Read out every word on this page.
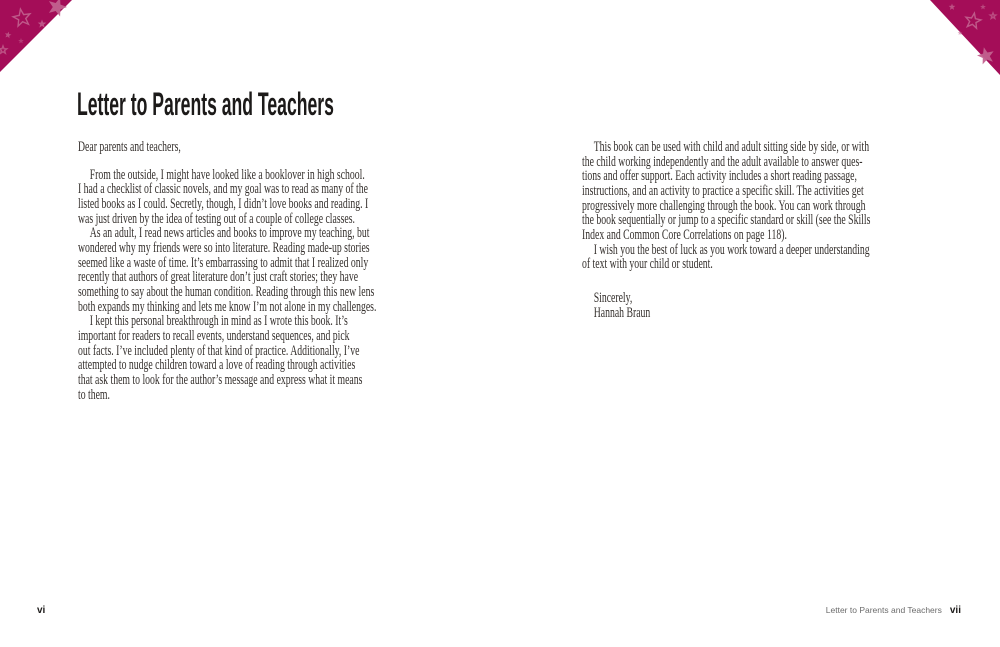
Letter to Parents and Teachers
Dear parents and teachers,
From the outside, I might have looked like a booklover in high school.
I had a checklist of classic novels, and my goal was to read as many of the
listed books as I could. Secretly, though, I didn’t love books and reading. I
was just driven by the idea of testing out of a couple of college classes.
As an adult, I read news articles and books to improve my teaching, but
wondered why my friends were so into literature. Reading made-up stories
seemed like a waste of time. It’s embarrassing to admit that I realized only
recently that authors of great literature don’t just craft stories; they have
something to say about the human condition. Reading through this new lens
both expands my thinking and lets me know I’m not alone in my challenges.
I kept this personal breakthrough in mind as I wrote this book. It’s
important for readers to recall events, understand sequences, and pick
out facts. I’ve included plenty of that kind of practice. Additionally, I’ve
attempted to nudge children toward a love of reading through activities
that ask them to look for the author’s message and express what it means
to them.
This book can be used with child and adult sitting side by side, or with
the child working independently and the adult available to answer ques-
tions and offer support. Each activity includes a short reading passage,
instructions, and an activity to practice a specific skill. The activities get
progressively more challenging through the book. You can work through
the book sequentially or jump to a specific standard or skill (see the Skills
Index and Common Core Correlations on page 118).
I wish you the best of luck as you work toward a deeper understanding
of text with your child or student.
Sincerely,
Hannah Braun
vi	Letter to Parents and Teachers vii
